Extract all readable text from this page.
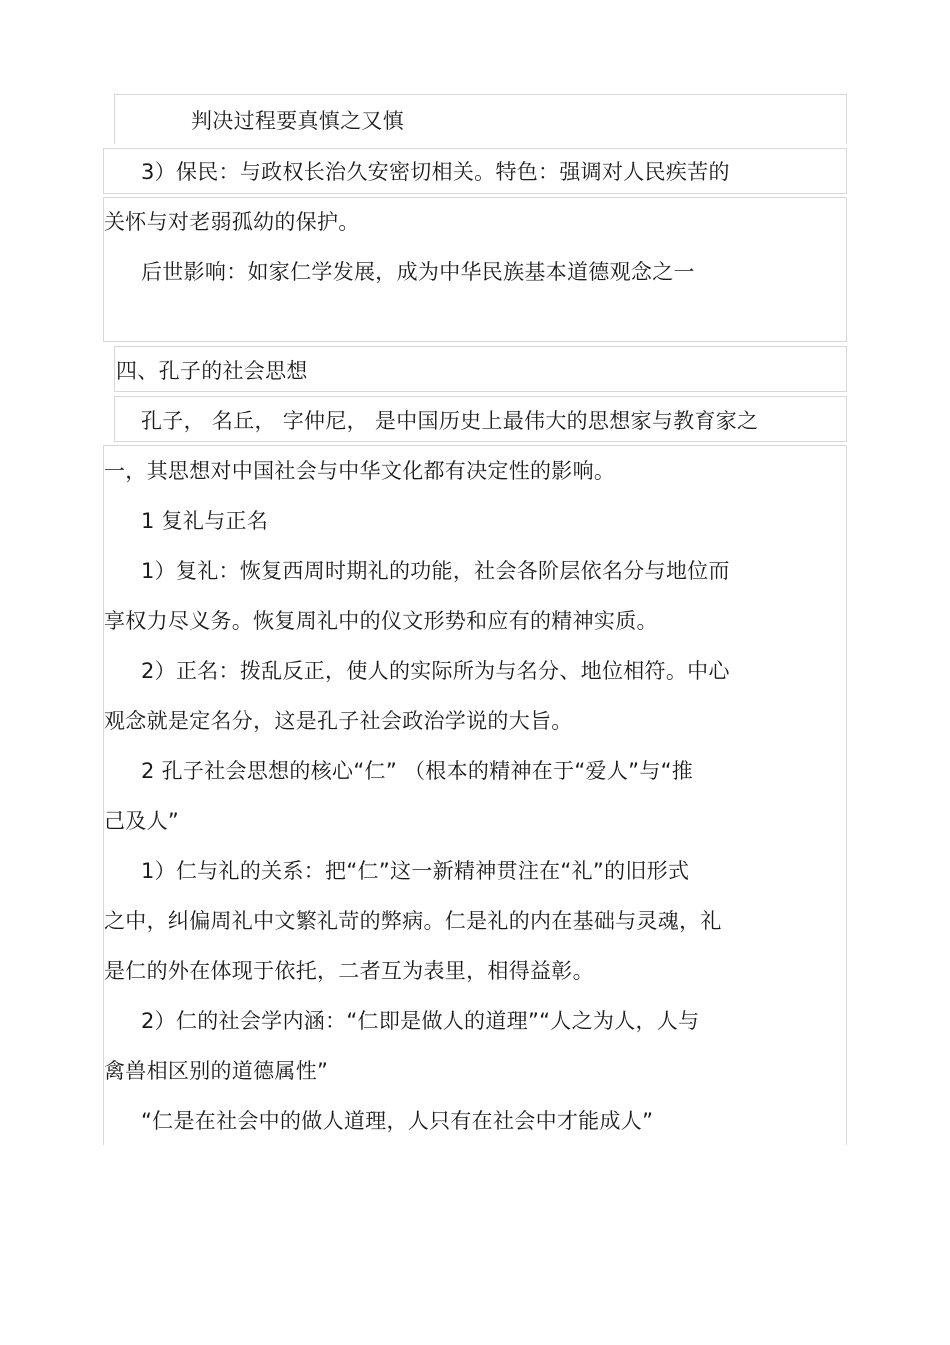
判决过程要真慎之又慎
3）保民：与政权长治久安密切相关。特色：强调对人民疾苦的
关怀与对老弱孤幼的保护。
后世影响：如家仁学发展，成为中华民族基本道德观念之一
四、孔子的社会思想
孔子， 名丘， 字仲尼， 是中国历史上最伟大的思想家与教育家之
一，其思想对中国社会与中华文化都有决定性的影响。
1 复礼与正名
1）复礼：恢复西周时期礼的功能，社会各阶层依名分与地位而
享权力尽义务。恢复周礼中的仪文形势和应有的精神实质。
2）正名：拨乱反正，使人的实际所为与名分、地位相符。中心
观念就是定名分，这是孔子社会政治学说的大旨。
2 孔子社会思想的核心“仁” （根本的精神在于“爱人”与“推
己及人”
1）仁与礼的关系：把“仁”这一新精神贯注在“礼”的旧形式
之中，纠偏周礼中文繁礼苛的弊病。仁是礼的内在基础与灵魂，礼
是仁的外在体现于依托，二者互为表里，相得益彰。
2）仁的社会学内涵：“仁即是做人的道理”“人之为人，人与
禽兽相区别的道德属性”
“仁是在社会中的做人道理，人只有在社会中才能成人”
